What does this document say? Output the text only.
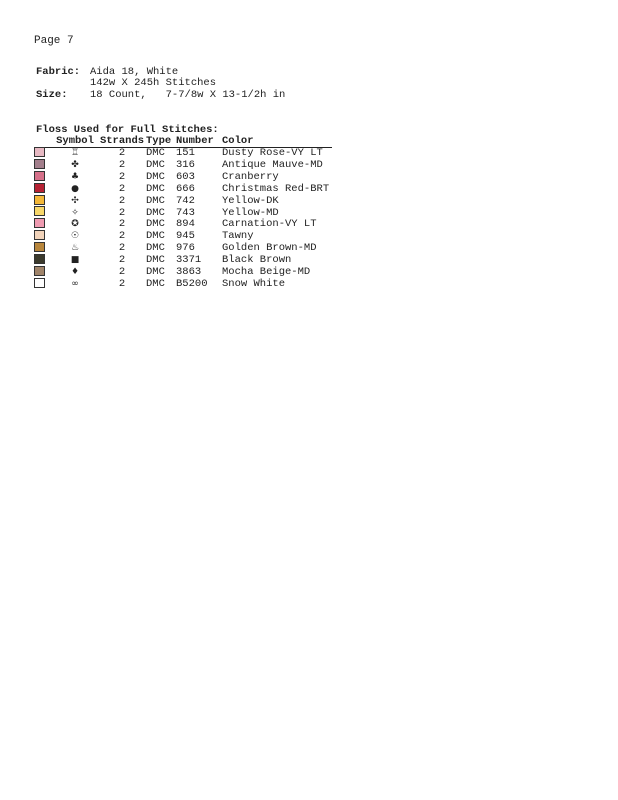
Page 7
Fabric: Aida 18, White
142w X 245h Stitches
Size: 18 Count,   7-7/8w X 13-1/2h in
Floss Used for Full Stitches:
	Symbol	Strands	Type	Number	Color
	♖	2	DMC	151	Dusty Rose-VY LT
	✤	2	DMC	316	Antique Mauve-MD
	♣	2	DMC	603	Cranberry
	●	2	DMC	666	Christmas Red-BRT
	✣	2	DMC	742	Yellow-DK
	✧	2	DMC	743	Yellow-MD
	✪	2	DMC	894	Carnation-VY LT
	☉	2	DMC	945	Tawny
	♨	2	DMC	976	Golden Brown-MD
	■	2	DMC	3371	Black Brown
	♦	2	DMC	3863	Mocha Beige-MD
	∞	2	DMC	B5200	Snow White
